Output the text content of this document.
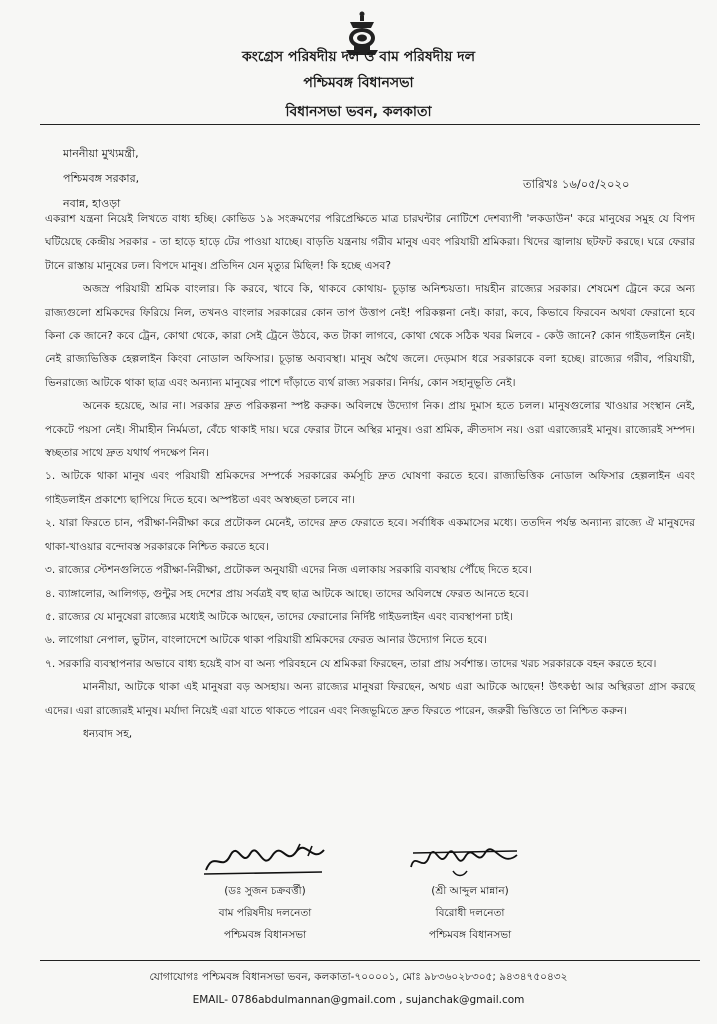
কংগ্রেস পরিষদীয় দল ও বাম পরিষদীয় দল
পশ্চিমবঙ্গ বিধানসভা
বিধানসভা ভবন, কলকাতা
মাননীয়া মুখ্যমন্ত্রী,
পশ্চিমবঙ্গ সরকার,
নবান্ন, হাওড়া
তারিখঃ ১৬/০৫/২০২০

একরাশ যন্ত্রনা নিয়েই লিখতে বাধ্য হচ্ছি। কোভিড ১৯ সংক্রমণের পরিপ্রেক্ষিতে মাত্র চারঘন্টার নোটিশে দেশব্যাপী 'লকডাউন' করে মানুষের সমুহ যে বিপদ ঘটিয়েছে কেন্দ্রীয় সরকার - তা হাড়ে হাড়ে টের পাওয়া যাচ্ছে। বাড়তি যন্ত্রনায় গরীব মানুষ এবং পরিযায়ী শ্রমিকরা। খিদের জ্বালায় ছটফট করছে। ঘরে ফেরার টানে রাস্তায় মানুষের ঢল। বিপদে মানুষ। প্রতিদিন যেন মৃত্যুর মিছিল! কি হচ্ছে এসব?

অজস্র পরিযায়ী শ্রমিক বাংলার। কি করবে, খাবে কি, থাকবে কোথায়- চূড়ান্ত অনিশ্চয়তা। দায়হীন রাজ্যের সরকার। শেষমেশ ট্রেনে করে অন্য রাজ্যগুলো শ্রমিকদের ফিরিয়ে নিল, তখনও বাংলার সরকারের কোন তাপ উত্তাপ নেই! পরিকল্পনা নেই। কারা, কবে, কিভাবে ফিরবেন অথবা ফেরানো হবে কিনা কে জানে? কবে ট্রেন, কোথা থেকে, কারা সেই ট্রেনে উঠবে, কত টাকা লাগবে, কোথা থেকে সঠিক খবর মিলবে - কেউ জানে? কোন গাইডলাইন নেই। নেই রাজ্যভিত্তিক হেল্পলাইন কিংবা নোডাল অফিসার। চূড়ান্ত অব্যবস্থা। মানুষ অথৈ জলে। দেড়মাস ধরে সরকারকে বলা হচ্ছে। রাজ্যের গরীব, পরিযায়ী, ভিনরাজ্যে আটকে থাকা ছাত্র এবং অন্যান্য মানুষের পাশে দাঁড়াতে ব্যর্থ রাজ্য সরকার। নির্দয়, কোন সহানুভূতি নেই।

অনেক হয়েছে, আর না। সরকার দ্রুত পরিকল্পনা স্পষ্ট করুক। অবিলম্বে উদ্যোগ নিক। প্রায় দুমাস হতে চলল। মানুষগুলোর খাওয়ার সংস্থান নেই, পকেটে পয়সা নেই। সীমাহীন নির্মমতা, বেঁচে থাকাই দায়। ঘরে ফেরার টানে অস্থির মানুষ। ওরা শ্রমিক, ক্রীতদাস নয়। ওরা এরাজ্যেরই মানুষ। রাজ্যেরই সম্পদ। স্বচ্ছতার সাথে দ্রুত যথার্থ পদক্ষেপ নিন।

১. আটকে থাকা মানুষ এবং পরিযায়ী শ্রমিকদের সম্পর্কে সরকারের কর্মসূচি দ্রুত ঘোষণা করতে হবে। রাজ্যভিত্তিক নোডাল অফিসার হেল্পলাইন এবং গাইডলাইন প্রকাশ্যে ছাপিয়ে দিতে হবে। অস্পষ্টতা এবং অস্বচ্ছতা চলবে না।

২. যারা ফিরতে চান, পরীক্ষা-নিরীক্ষা করে প্রটোকল মেনেই, তাদের দ্রুত ফেরাতে হবে। সর্বাধিক একমাসের মধ্যে। ততদিন পর্যন্ত অন্যান্য রাজ্যে ঐ মানুষদের থাকা-খাওয়ার বন্দোবস্ত সরকারকে নিশ্চিত করতে হবে।

৩. রাজ্যের স্টেশনগুলিতে পরীক্ষা-নিরীক্ষা, প্রটোকল অনুযায়ী এদের নিজ এলাকায় সরকারি ব্যবস্থায় পৌঁছে দিতে হবে।

৪. ব্যাঙ্গালোর, আলিগড়, গুন্টুর সহ দেশের প্রায় সর্বত্রই বহু ছাত্র আটকে আছে। তাদের অবিলম্বে ফেরত আনতে হবে।

৫. রাজ্যের যে মানুষেরা রাজ্যের মধ্যেই আটকে আছেন, তাদের ফেরানোর নির্দিষ্ট গাইডলাইন এবং ব্যবস্থাপনা চাই।

৬. লাগোয়া নেপাল, ভুটান, বাংলাদেশে আটকে থাকা পরিযায়ী শ্রমিকদের ফেরত আনার উদ্যোগ নিতে হবে।

৭. সরকারি ব্যবস্থাপনার অভাবে বাধ্য হয়েই বাস বা অন্য পরিবহনে যে শ্রমিকরা ফিরছেন, তারা প্রায় সর্বশান্ত। তাদের খরচ সরকারকে বহন করতে হবে।

মাননীয়া, আটকে থাকা এই মানুষরা বড় অসহায়। অন্য রাজ্যের মানুষরা ফিরছেন, অথচ এরা আটকে আছেন! উৎকণ্ঠা আর অস্থিরতা গ্রাস করছে এদের। এরা রাজ্যেরই মানুষ। মর্যাদা নিয়েই এরা যাতে থাকতে পারেন এবং নিজভূমিতে দ্রুত ফিরতে পারেন, জরুরী ভিত্তিতে তা নিশ্চিত করুন।

ধন্যবাদ সহ,

(ডঃ সুজন চক্রবর্ত্তী)
বাম পরিষদীয় দলনেতা
পশ্চিমবঙ্গ বিধানসভা
(শ্রী আব্দুল মান্নান)
বিরোধী দলনেতা
পশ্চিমবঙ্গ বিধানসভা
যোগাযোগঃ পশ্চিমবঙ্গ বিধানসভা ভবন, কলকাতা-৭০০০০১, মোঃ ৯৮৩৬০২৮৩০৫; ৯৪৩৪৭৫০৪৩২
EMAIL- 0786abdulmannan@gmail.com , sujanchak@gmail.com
